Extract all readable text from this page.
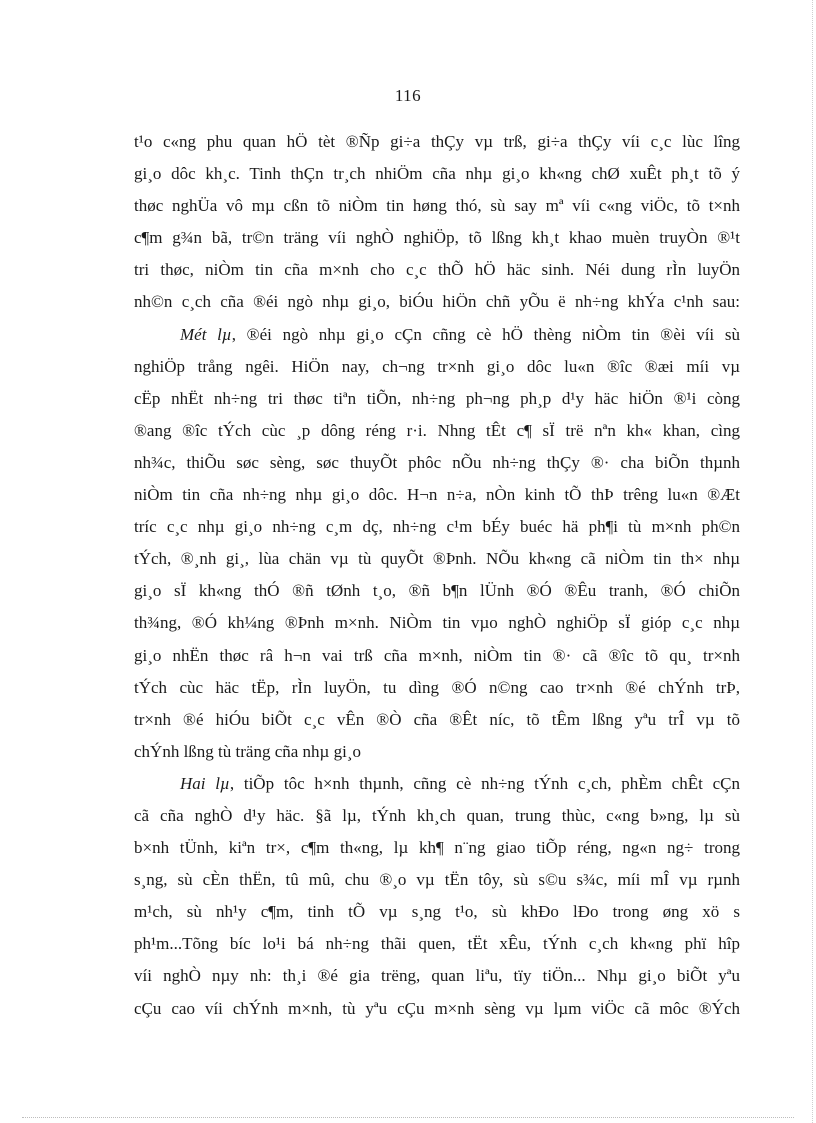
116
t¹o c«ng phu quan hÖ tèt ®Ñp gi÷a thÇy vµ trß, gi÷a thÇy víi c¸c lùc lîng
gi¸o dôc kh¸c. Tinh thÇn tr¸ch nhiÖm cña nhµ gi¸o kh«ng chØ xuÊt ph¸t tõ ý
thøc nghÜa vô mµ cßn tõ niÒm tin høng thó, sù say mª víi c«ng viÖc, tõ t×nh
c¶m g¾n bã, tr©n träng víi nghÒ nghiÖp, tõ lßng kh¸t khao muèn truyÒn ®¹t
tri thøc, niÒm tin cña m×nh cho c¸c thÕ hÖ häc sinh. Néi dung rÌn luyÖn
nh©n c¸ch cña ®éi ngò nhµ gi¸o, biÓu hiÖn chñ yÕu ë nh÷ng khÝa c¹nh sau:
Mét lµ, ®éi ngò nhµ gi¸o cÇn cñng cè hÖ thèng niÒm tin ®èi víi sù
nghiÖp trång ngêi. HiÖn nay, ch¬ng tr×nh gi¸o dôc lu«n ®îc ®æi míi vµ
cËp nhËt nh÷ng tri thøc tiªn tiÕn, nh÷ng ph¬ng ph¸p d¹y häc hiÖn ®¹i còng
®ang ®îc tÝch cùc ¸p dông réng r·i. Nhng tÊt c¶ sÏ trë nªn kh« khan, cìng
nh¾c, thiÕu søc sèng, søc thuyÕt phôc nÕu nh÷ng thÇy ®· cha biÕn thµnh
niÒm tin cña nh÷ng nhµ gi¸o dôc. H¬n n÷a, nÒn kinh tÕ thÞ trêng lu«n ®Æt
tríc c¸c nhµ gi¸o nh÷ng c¸m dç, nh÷ng c¹m bÉy buéc hä ph¶i tù m×nh ph©n
tÝch, ®¸nh gi¸, lùa chän vµ tù quyÕt ®Þnh. NÕu kh«ng cã niÒm tin th× nhµ
gi¸o sÏ kh«ng thÓ ®ñ tØnh t¸o, ®ñ b¶n lÜnh ®Ó ®Êu tranh, ®Ó chiÕn
th¾ng, ®Ó kh¼ng ®Þnh m×nh. NiÒm tin vµo nghÒ nghiÖp sÏ gióp c¸c nhµ
gi¸o nhËn thøc râ h¬n vai trß cña m×nh, niÒm tin ®· cã ®îc tõ qu¸ tr×nh
tÝch cùc häc tËp, rÌn luyÖn, tu dìng ®Ó n©ng cao tr×nh ®é chÝnh trÞ,
tr×nh ®é hiÓu biÕt c¸c vÊn ®Ò cña ®Êt níc, tõ tÊm lßng yªu trÎ vµ tõ
chÝnh lßng tù träng cña nhµ gi¸o
Hai lµ, tiÕp tôc h×nh thµnh, cñng cè nh÷ng tÝnh c¸ch, phÈm chÊt cÇn
cã cña nghÒ d¹y häc. §ã lµ, tÝnh kh¸ch quan, trung thùc, c«ng b»ng, lµ sù
b×nh tÜnh, kiªn tr×, c¶m th«ng, lµ kh¶ n¨ng giao tiÕp réng, ng«n ng÷ trong
s¸ng, sù cÈn thËn, tû mû, chu ®¸o vµ tËn tôy, sù s©u s¾c, míi mÎ vµ rµnh
m¹ch, sù nh¹y c¶m, tinh tÕ vµ s¸ng t¹o, sù khÐo lÐo trong øng xö s
ph¹m...Tõng bíc lo¹i bá nh÷ng thãi quen, tËt xÊu, tÝnh c¸ch kh«ng phï hîp
víi nghÒ nµy nh: th¸i ®é gia trëng, quan liªu, tïy tiÖn... Nhµ gi¸o biÕt yªu
cÇu cao víi chÝnh m×nh, tù yªu cÇu m×nh sèng vµ lµm viÖc cã môc ®Ých
